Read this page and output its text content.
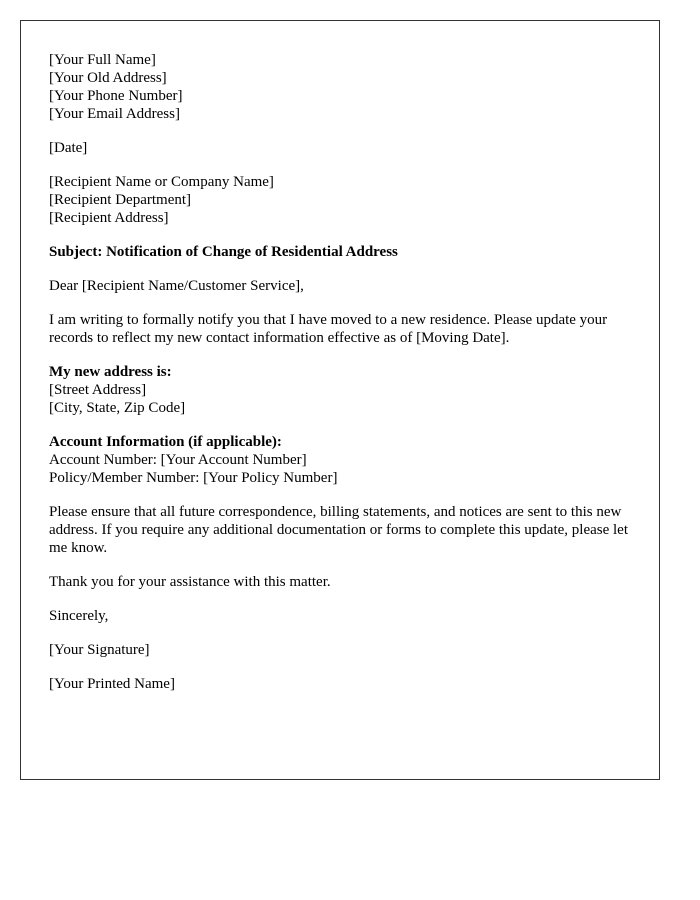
[Your Full Name]
[Your Old Address]
[Your Phone Number]
[Your Email Address]
[Date]
[Recipient Name or Company Name]
[Recipient Department]
[Recipient Address]

Subject: Notification of Change of Residential Address

Dear [Recipient Name/Customer Service],

I am writing to formally notify you that I have moved to a new residence. Please update your records to reflect my new contact information effective as of [Moving Date].

My new address is:
[Street Address]
[City, State, Zip Code]
Account Information (if applicable):
Account Number: [Your Account Number]
Policy/Member Number: [Your Policy Number]

Please ensure that all future correspondence, billing statements, and notices are sent to this new address. If you require any additional documentation or forms to complete this update, please let me know.

Thank you for your assistance with this matter.

Sincerely,

[Your Signature]

[Your Printed Name]
